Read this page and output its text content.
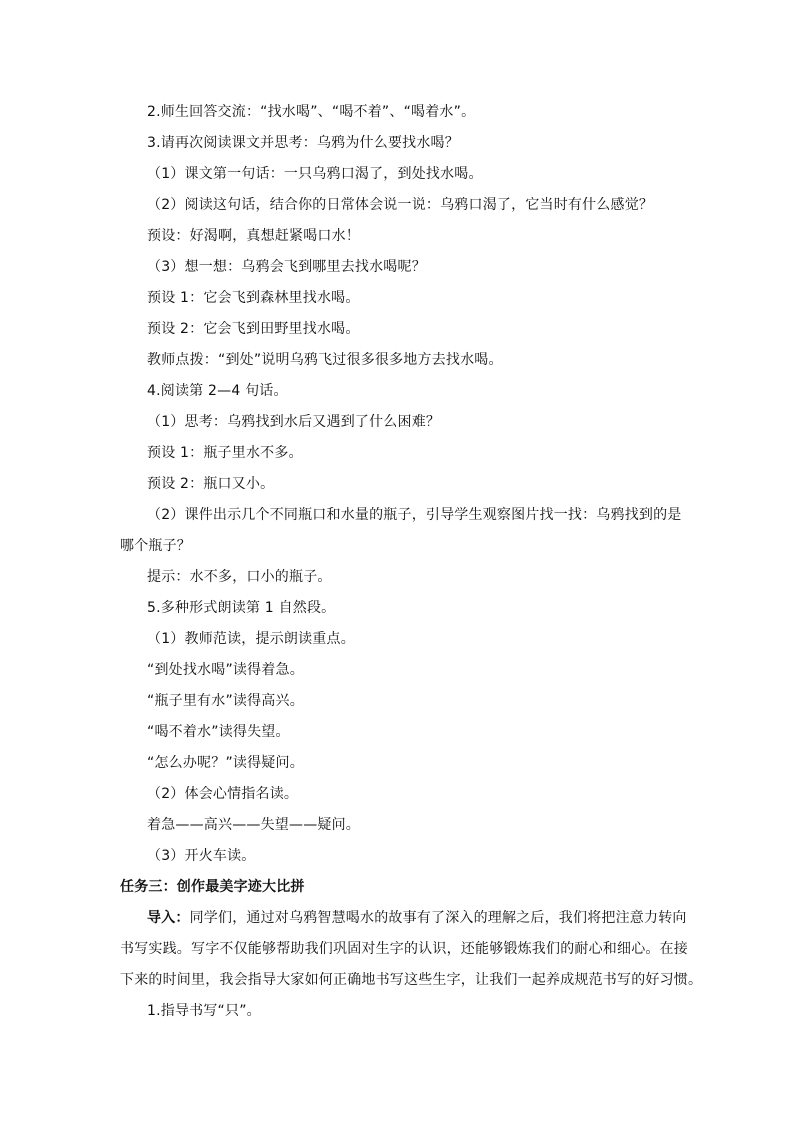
2.师生回答交流：“找水喝”、“喝不着”、“喝着水”。
3.请再次阅读课文并思考：乌鸦为什么要找水喝？
（1）课文第一句话：一只乌鸦口渴了，到处找水喝。
（2）阅读这句话，结合你的日常体会说一说：乌鸦口渴了，它当时有什么感觉？
预设：好渴啊，真想赶紧喝口水！
（3）想一想：乌鸦会飞到哪里去找水喝呢？
预设 1：它会飞到森林里找水喝。
预设 2：它会飞到田野里找水喝。
教师点拨：“到处”说明乌鸦飞过很多很多地方去找水喝。
4.阅读第 2—4 句话。
（1）思考：乌鸦找到水后又遇到了什么困难？
预设 1：瓶子里水不多。
预设 2：瓶口又小。
（2）课件出示几个不同瓶口和水量的瓶子，引导学生观察图片找一找：乌鸦找到的是
哪个瓶子？
提示：水不多，口小的瓶子。
5.多种形式朗读第 1 自然段。
（1）教师范读，提示朗读重点。
“到处找水喝”读得着急。
“瓶子里有水”读得高兴。
“喝不着水”读得失望。
“怎么办呢？”读得疑问。
（2）体会心情指名读。
着急——高兴——失望——疑问。
（3）开火车读。
任务三：创作最美字迹大比拼
导入：同学们，通过对乌鸦智慧喝水的故事有了深入的理解之后，我们将把注意力转向
书写实践。写字不仅能够帮助我们巩固对生字的认识，还能够锻炼我们的耐心和细心。在接
下来的时间里，我会指导大家如何正确地书写这些生字，让我们一起养成规范书写的好习惯。
1.指导书写“只”。
